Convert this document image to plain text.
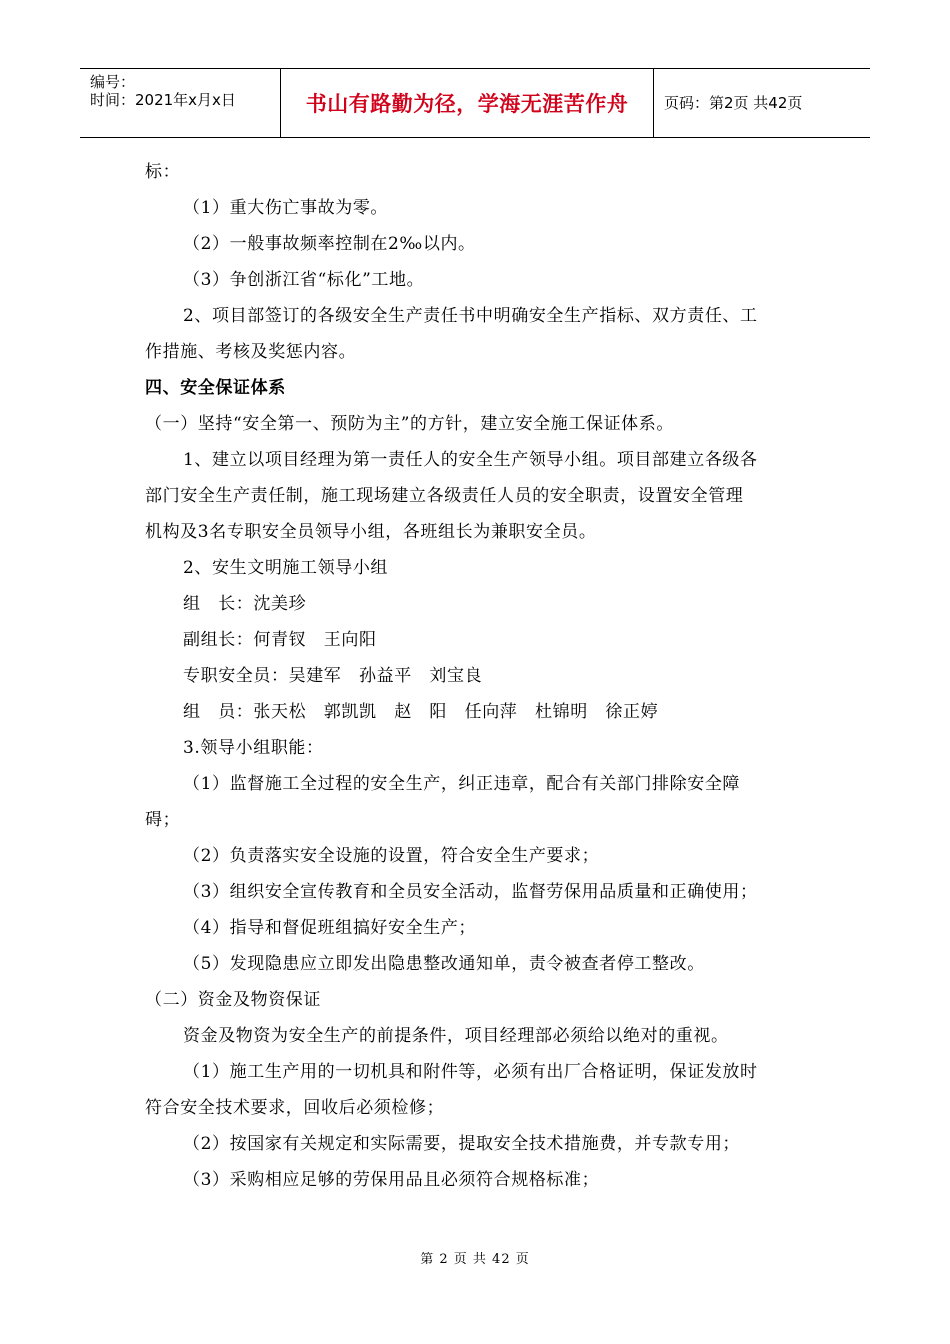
编号：
时间：2021年x月x日	书山有路勤为径，学海无涯苦作舟 页码：第2页 共42页
标：
（1）重大伤亡事故为零。
（2）一般事故频率控制在2‰以内。
（3）争创浙江省“标化”工地。
2、项目部签订的各级安全生产责任书中明确安全生产指标、双方责任、工
作措施、考核及奖惩内容。
四、安全保证体系
（一）坚持“安全第一、预防为主”的方针，建立安全施工保证体系。
1、建立以项目经理为第一责任人的安全生产领导小组。项目部建立各级各
部门安全生产责任制，施工现场建立各级责任人员的安全职责，设置安全管理
机构及3名专职安全员领导小组，各班组长为兼职安全员。
2、安生文明施工领导小组
组　长：沈美珍
副组长：何青钗　王向阳
专职安全员：吴建军　孙益平　刘宝良
组　员：张天松　郭凯凯　赵　阳　任向萍　杜锦明　徐正婷
3.领导小组职能：
（1）监督施工全过程的安全生产，纠正违章，配合有关部门排除安全障
碍；
（2）负责落实安全设施的设置，符合安全生产要求；
（3）组织安全宣传教育和全员安全活动，监督劳保用品质量和正确使用；
（4）指导和督促班组搞好安全生产；
（5）发现隐患应立即发出隐患整改通知单，责令被查者停工整改。
（二）资金及物资保证
资金及物资为安全生产的前提条件，项目经理部必须给以绝对的重视。
（1）施工生产用的一切机具和附件等，必须有出厂合格证明，保证发放时
符合安全技术要求，回收后必须检修；
（2）按国家有关规定和实际需要，提取安全技术措施费，并专款专用；
（3）采购相应足够的劳保用品且必须符合规格标准；
第 2 页 共 42 页
